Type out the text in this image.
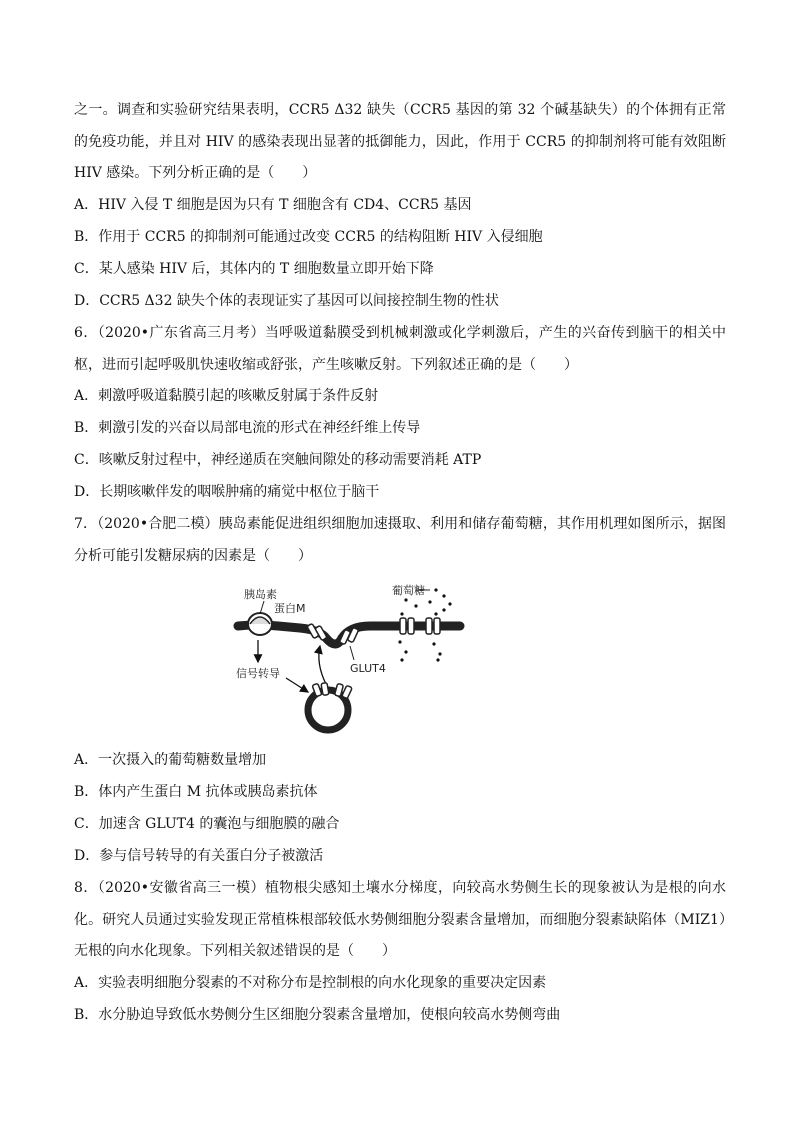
之一。调查和实验研究结果表明，CCR5 Δ32 缺失（CCR5 基因的第 32 个碱基缺失）的个体拥有正常的免疫功能，并且对 HIV 的感染表现出显著的抵御能力，因此，作用于 CCR5 的抑制剂将可能有效阻断 HIV 感染。下列分析正确的是（　　）
A．HIV 入侵 T 细胞是因为只有 T 细胞含有 CD4、CCR5 基因
B．作用于 CCR5 的抑制剂可能通过改变 CCR5 的结构阻断 HIV 入侵细胞
C．某人感染 HIV 后，其体内的 T 细胞数量立即开始下降
D．CCR5 Δ32 缺失个体的表现证实了基因可以间接控制生物的性状
6．（2020•广东省高三月考）当呼吸道黏膜受到机械刺激或化学刺激后，产生的兴奋传到脑干的相关中枢，进而引起呼吸肌快速收缩或舒张，产生咳嗽反射。下列叙述正确的是（　　）
A．刺激呼吸道黏膜引起的咳嗽反射属于条件反射
B．刺激引发的兴奋以局部电流的形式在神经纤维上传导
C．咳嗽反射过程中，神经递质在突触间隙处的移动需要消耗 ATP
D．长期咳嗽伴发的咽喉肿痛的痛觉中枢位于脑干
7．（2020•合肥二模）胰岛素能促进组织细胞加速摄取、利用和储存葡萄糖，其作用机理如图所示，据图分析可能引发糖尿病的因素是（　　）
胰岛素
蛋白M
葡萄糖
GLUT4
信号转导
A．一次摄入的葡萄糖数量增加
B．体内产生蛋白 M 抗体或胰岛素抗体
C．加速含 GLUT4 的囊泡与细胞膜的融合
D．参与信号转导的有关蛋白分子被激活
8．（2020•安徽省高三一模）植物根尖感知土壤水分梯度，向较高水势侧生长的现象被认为是根的向水化。研究人员通过实验发现正常植株根部较低水势侧细胞分裂素含量增加，而细胞分裂素缺陷体（MIZ1）无根的向水化现象。下列相关叙述错误的是（　　）
A．实验表明细胞分裂素的不对称分布是控制根的向水化现象的重要决定因素
B．水分胁迫导致低水势侧分生区细胞分裂素含量增加，使根向较高水势侧弯曲
